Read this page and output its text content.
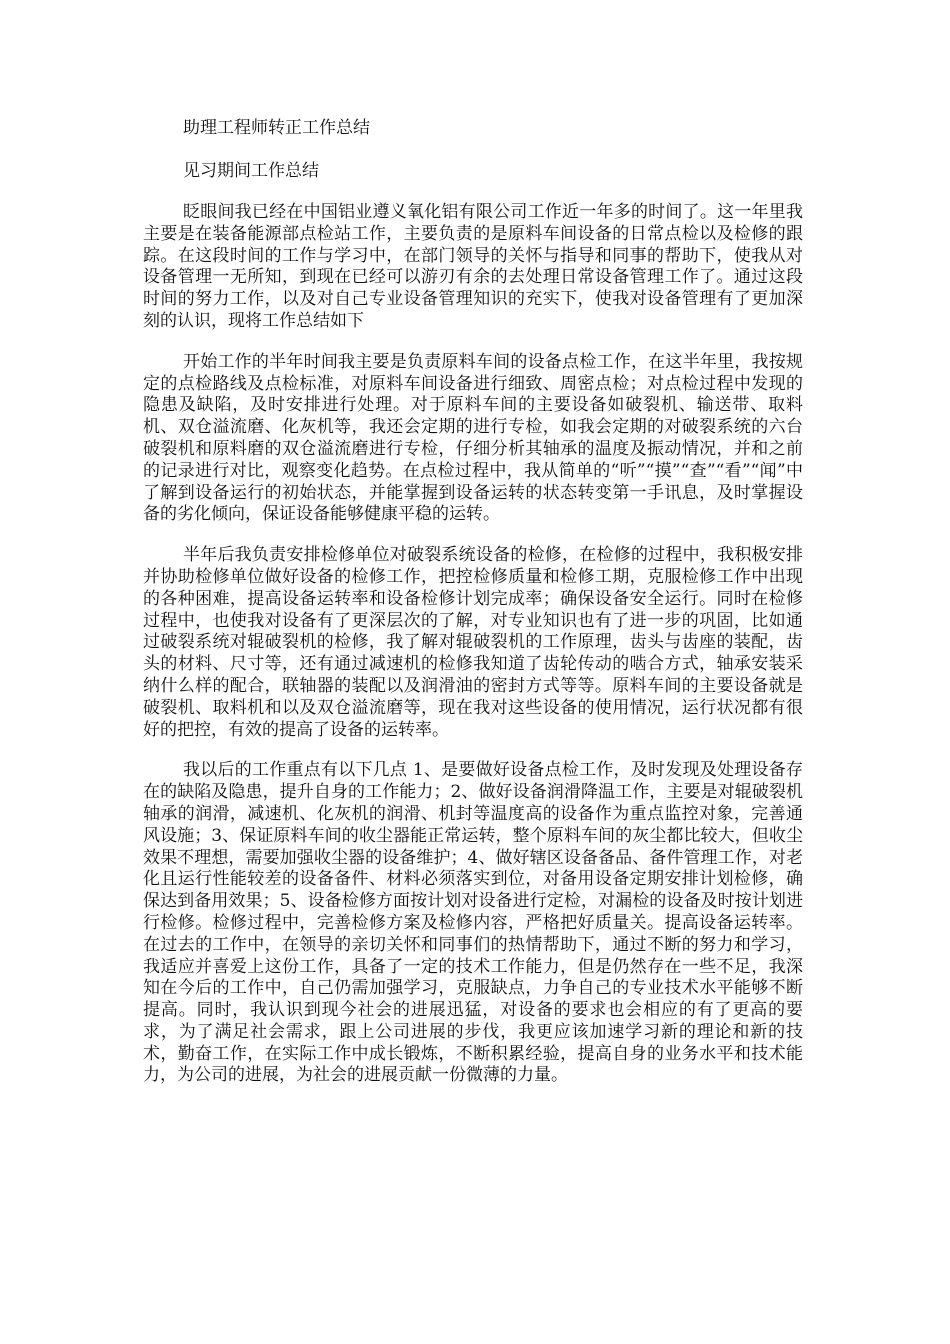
助理工程师转正工作总结
见习期间工作总结

眨眼间我已经在中国铝业遵义氧化铝有限公司工作近一年多的时间了。这一年里我主要是在装备能源部点检站工作，主要负责的是原料车间设备的日常点检以及检修的跟踪。在这段时间的工作与学习中，在部门领导的关怀与指导和同事的帮助下，使我从对设备管理一无所知，到现在已经可以游刃有余的去处理日常设备管理工作了。通过这段时间的努力工作，以及对自己专业设备管理知识的充实下，使我对设备管理有了更加深刻的认识，现将工作总结如下

开始工作的半年时间我主要是负责原料车间的设备点检工作，在这半年里，我按规定的点检路线及点检标准，对原料车间设备进行细致、周密点检；对点检过程中发现的隐患及缺陷，及时安排进行处理。对于原料车间的主要设备如破裂机、输送带、取料机、双仓溢流磨、化灰机等，我还会定期的进行专检，如我会定期的对破裂系统的六台破裂机和原料磨的双仓溢流磨进行专检，仔细分析其轴承的温度及振动情况，并和之前的记录进行对比，观察变化趋势。在点检过程中，我从简单的“听”“摸”“查”“看”“闻”中了解到设备运行的初始状态，并能掌握到设备运转的状态转变第一手讯息，及时掌握设备的劣化倾向，保证设备能够健康平稳的运转。

半年后我负责安排检修单位对破裂系统设备的检修，在检修的过程中，我积极安排并协助检修单位做好设备的检修工作，把控检修质量和检修工期，克服检修工作中出现的各种困难，提高设备运转率和设备检修计划完成率；确保设备安全运行。同时在检修过程中，也使我对设备有了更深层次的了解，对专业知识也有了进一步的巩固，比如通过破裂系统对辊破裂机的检修，我了解对辊破裂机的工作原理，齿头与齿座的装配，齿头的材料、尺寸等，还有通过减速机的检修我知道了齿轮传动的啮合方式，轴承安装采纳什么样的配合，联轴器的装配以及润滑油的密封方式等等。原料车间的主要设备就是破裂机、取料机和以及双仓溢流磨等，现在我对这些设备的使用情况，运行状况都有很好的把控，有效的提高了设备的运转率。

我以后的工作重点有以下几点 1、是要做好设备点检工作，及时发现及处理设备存在的缺陷及隐患，提升自身的工作能力；2、做好设备润滑降温工作，主要是对辊破裂机轴承的润滑，减速机、化灰机的润滑、机封等温度高的设备作为重点监控对象，完善通风设施；3、保证原料车间的收尘器能正常运转，整个原料车间的灰尘都比较大，但收尘效果不理想，需要加强收尘器的设备维护；4、做好辖区设备备品、备件管理工作，对老化且运行性能较差的设备备件、材料必须落实到位，对备用设备定期安排计划检修，确保达到备用效果；5、设备检修方面按计划对设备进行定检，对漏检的设备及时按计划进行检修。检修过程中，完善检修方案及检修内容，严格把好质量关。提高设备运转率。在过去的工作中，在领导的亲切关怀和同事们的热情帮助下，通过不断的努力和学习，我适应并喜爱上这份工作，具备了一定的技术工作能力，但是仍然存在一些不足，我深知在今后的工作中，自己仍需加强学习，克服缺点，力争自己的专业技术水平能够不断提高。同时，我认识到现今社会的进展迅猛，对设备的要求也会相应的有了更高的要求，为了满足社会需求，跟上公司进展的步伐，我更应该加速学习新的理论和新的技术，勤奋工作，在实际工作中成长锻炼，不断积累经验，提高自身的业务水平和技术能力，为公司的进展，为社会的进展贡献一份微薄的力量。
